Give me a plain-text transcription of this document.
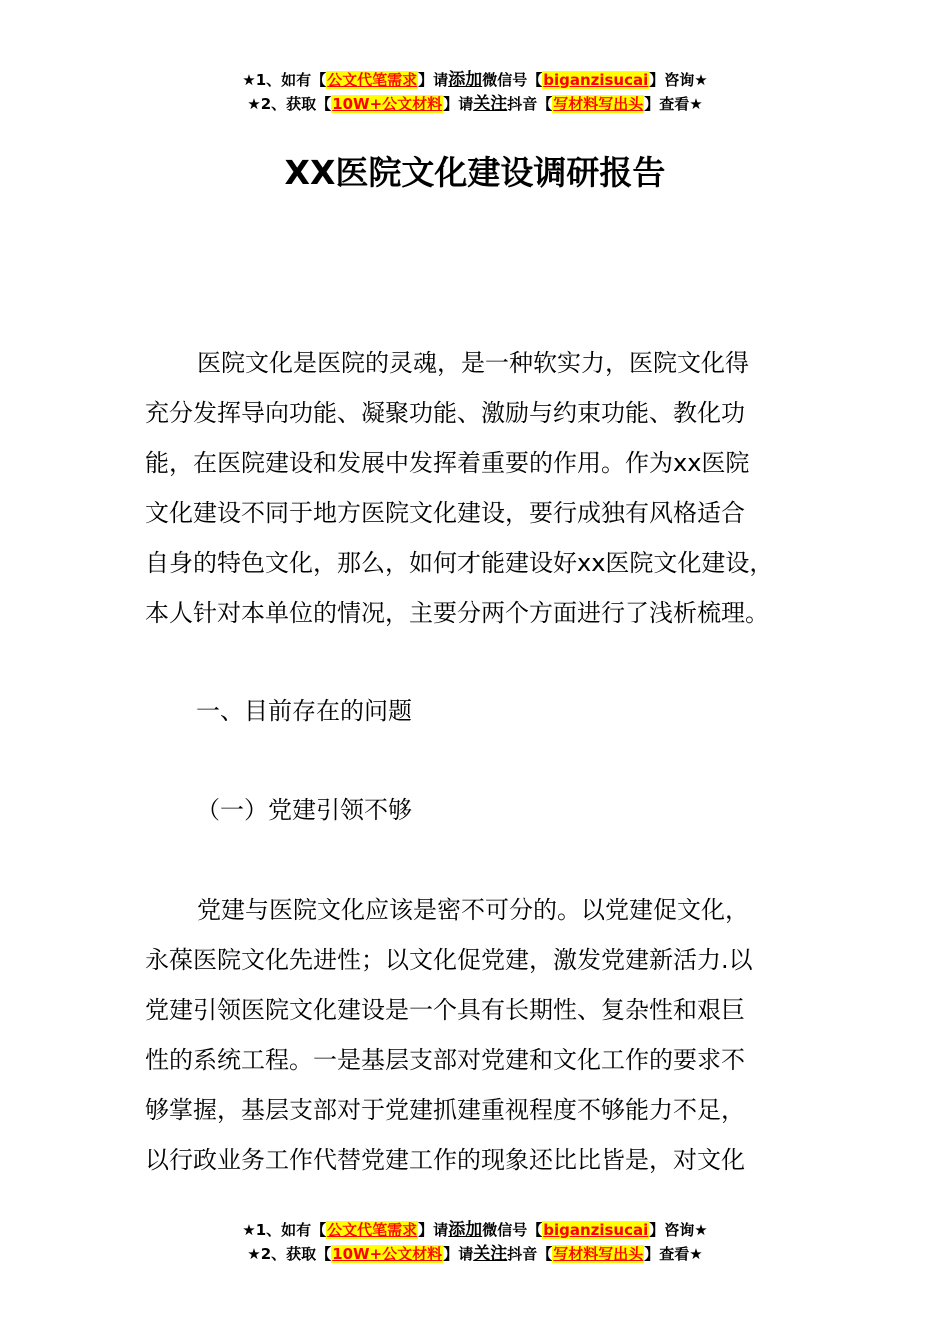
★1、如有【公文代笔需求】请添加微信号【biganzisucai】咨询★
★2、获取【10W+公文材料】请关注抖音【写材料写出头】查看★
XX医院文化建设调研报告
医院文化是医院的灵魂，是一种软实力，医院文化得
充分发挥导向功能、凝聚功能、激励与约束功能、教化功
能，在医院建设和发展中发挥着重要的作用。作为xx医院
文化建设不同于地方医院文化建设，要行成独有风格适合
自身的特色文化，那么，如何才能建设好xx医院文化建设，
本人针对本单位的情况，主要分两个方面进行了浅析梳理。
一、目前存在的问题
（一）党建引领不够
党建与医院文化应该是密不可分的。以党建促文化，
永葆医院文化先进性；以文化促党建，激发党建新活力.以
党建引领医院文化建设是一个具有长期性、复杂性和艰巨
性的系统工程。一是基层支部对党建和文化工作的要求不
够掌握，基层支部对于党建抓建重视程度不够能力不足，
以行政业务工作代替党建工作的现象还比比皆是，对文化
★1、如有【公文代笔需求】请添加微信号【biganzisucai】咨询★
★2、获取【10W+公文材料】请关注抖音【写材料写出头】查看★
